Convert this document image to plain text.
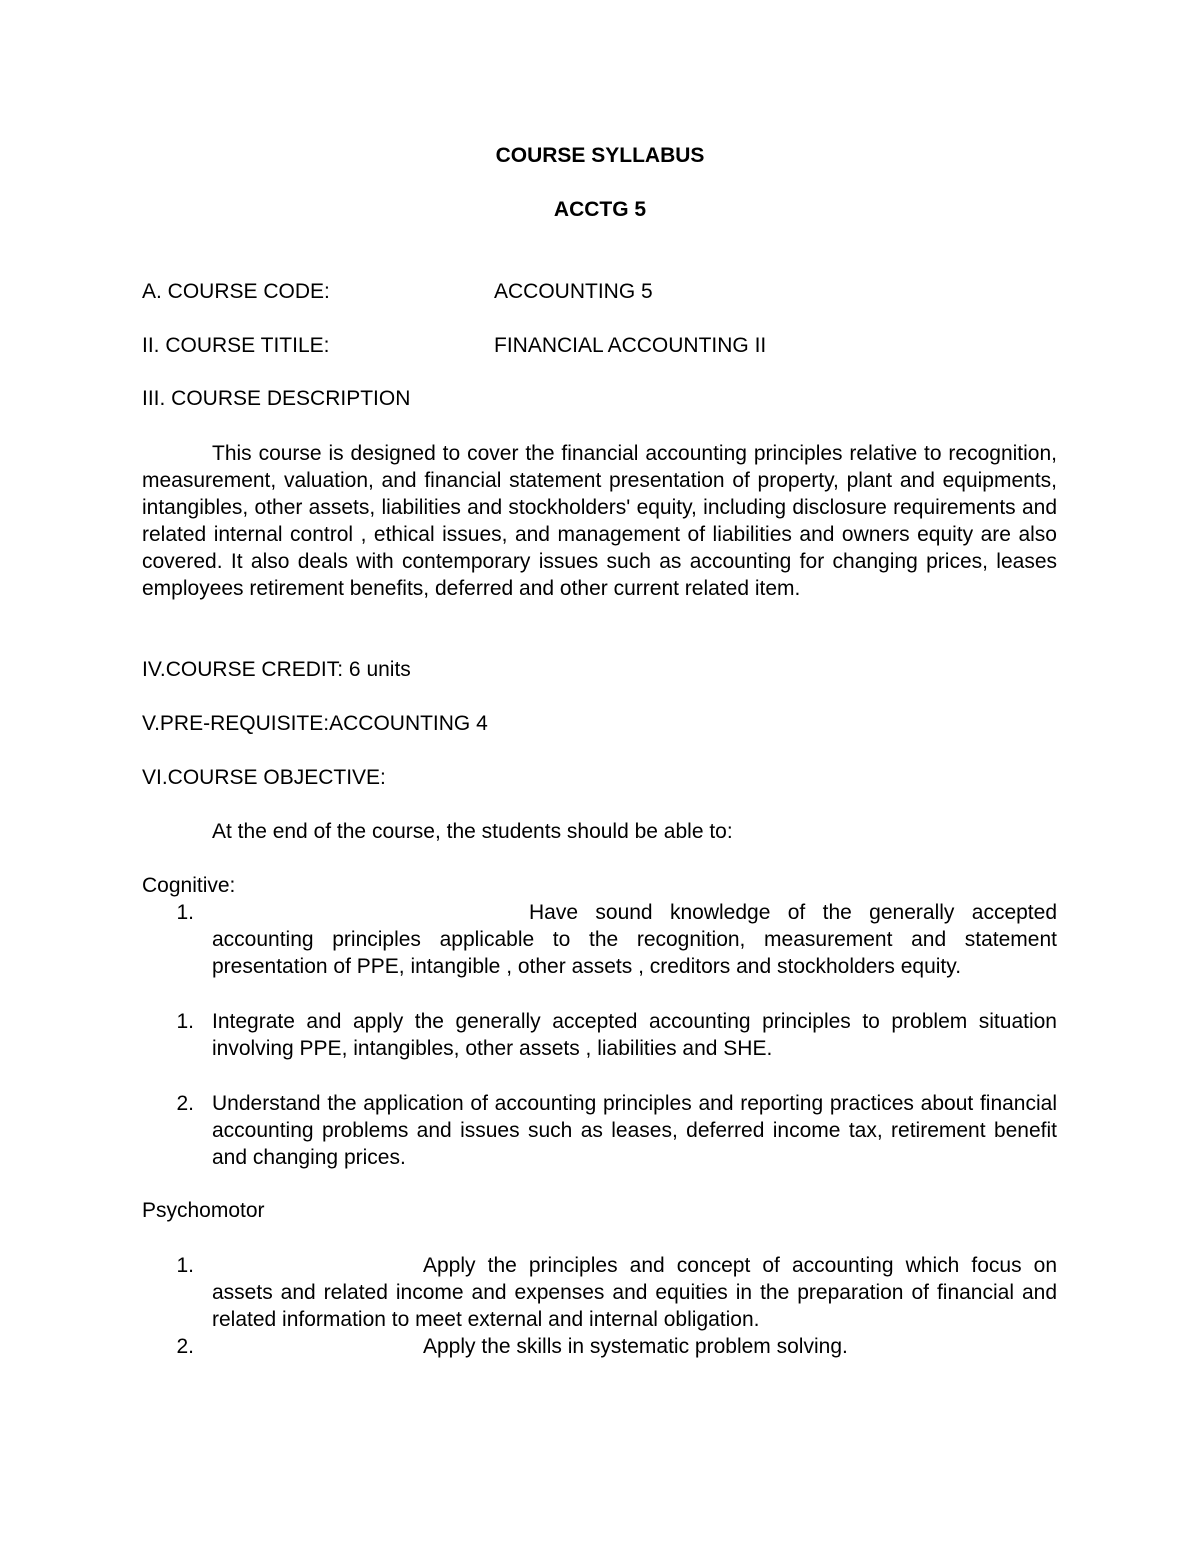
COURSE SYLLABUS
ACCTG 5
A. COURSE CODE:	ACCOUNTING 5
II. COURSE TITILE:	FINANCIAL ACCOUNTING II
III. COURSE DESCRIPTION
This course is designed to cover the financial accounting principles relative to recognition, measurement, valuation, and financial statement presentation of property, plant and equipments, intangibles, other assets, liabilities and stockholders' equity, including disclosure requirements and related internal control , ethical issues, and management of liabilities and owners equity are also covered. It also deals with contemporary issues such as accounting for changing prices, leases employees retirement benefits, deferred and other current related item.
IV.COURSE CREDIT: 6 units
V.PRE-REQUISITE:ACCOUNTING 4
VI.COURSE OBJECTIVE:
At the end of the course, the students should be able to:
Cognitive:
1.	Have sound knowledge of the generally accepted accounting principles applicable to the recognition, measurement and statement presentation of PPE, intangible , other assets , creditors and stockholders equity.
1. Integrate and apply the generally accepted accounting principles to problem situation involving PPE, intangibles, other assets , liabilities and SHE.
2. Understand the application of accounting principles and reporting practices about financial accounting problems and issues such as leases, deferred income tax, retirement benefit and changing prices.
Psychomotor
1.	Apply the principles and concept of accounting which focus on assets and related income and expenses and equities in the preparation of financial and related information to meet external and internal obligation.
2.	Apply the skills in systematic problem solving.
